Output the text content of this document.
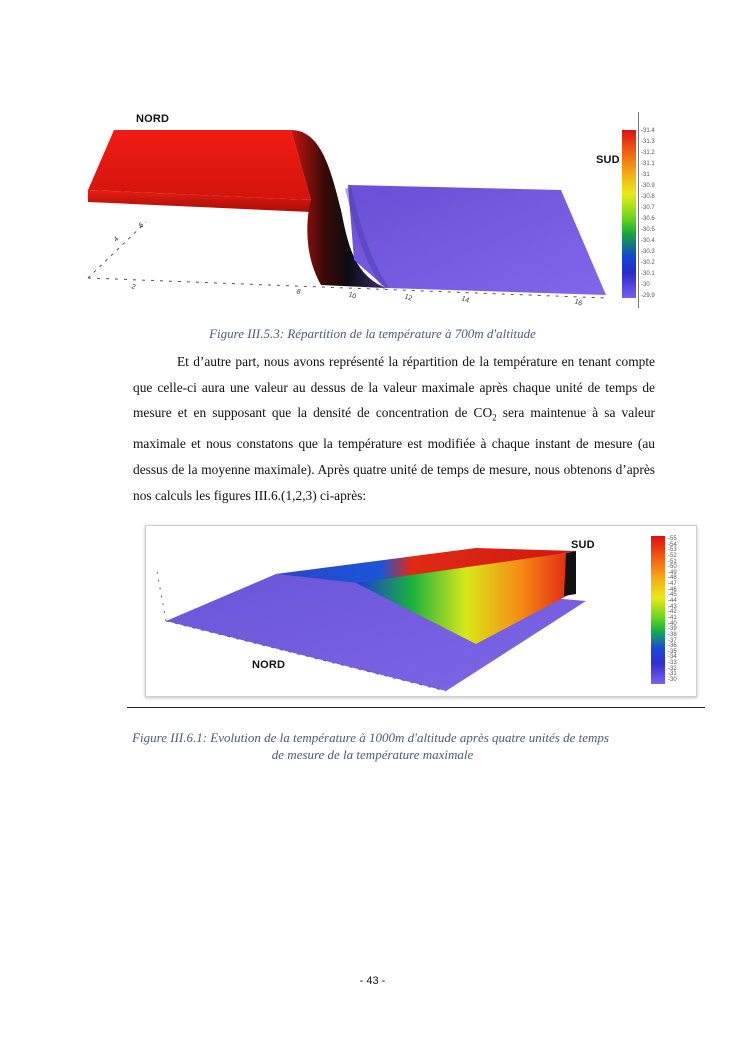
2
8	10	12	14	16
4
6
NORD
SUD
-31.4
-31.3
-31.2
-31.1
-31
-30.9
-30.8
-30.7
-30.6
-30.5
-30.4
-30.3
-30.2
-30.1
-30
-29.9
Figure III.5.3: Répartition de la température à 700m d'altitude

Et d’autre part, nous avons représenté la répartition de la température en tenant compte que celle-ci aura une valeur au dessus de la valeur maximale après chaque unité de temps de mesure et en supposant que la densité de concentration de $CO_2$ sera maintenue à sa valeur maximale et nous constatons que la température est modifiée à chaque instant de mesure (au dessus de la moyenne maximale). Après quatre unité de temps de mesure, nous obtenons d’après nos calculs les figures III.6.(1,2,3) ci-après:

SUD
NORD
-55
-54
-53
-52
-51
-50
-49
-48
-47
-46
-45
-44
-43
-42
-41
-40
-39
-38
-37
-36
-35
-34
-33
-32
-31
-30
Figure III.6.1: Evolution de la température à 1000m d'altitude après quatre unités de temps
de mesure de la température maximale
- 43 -
